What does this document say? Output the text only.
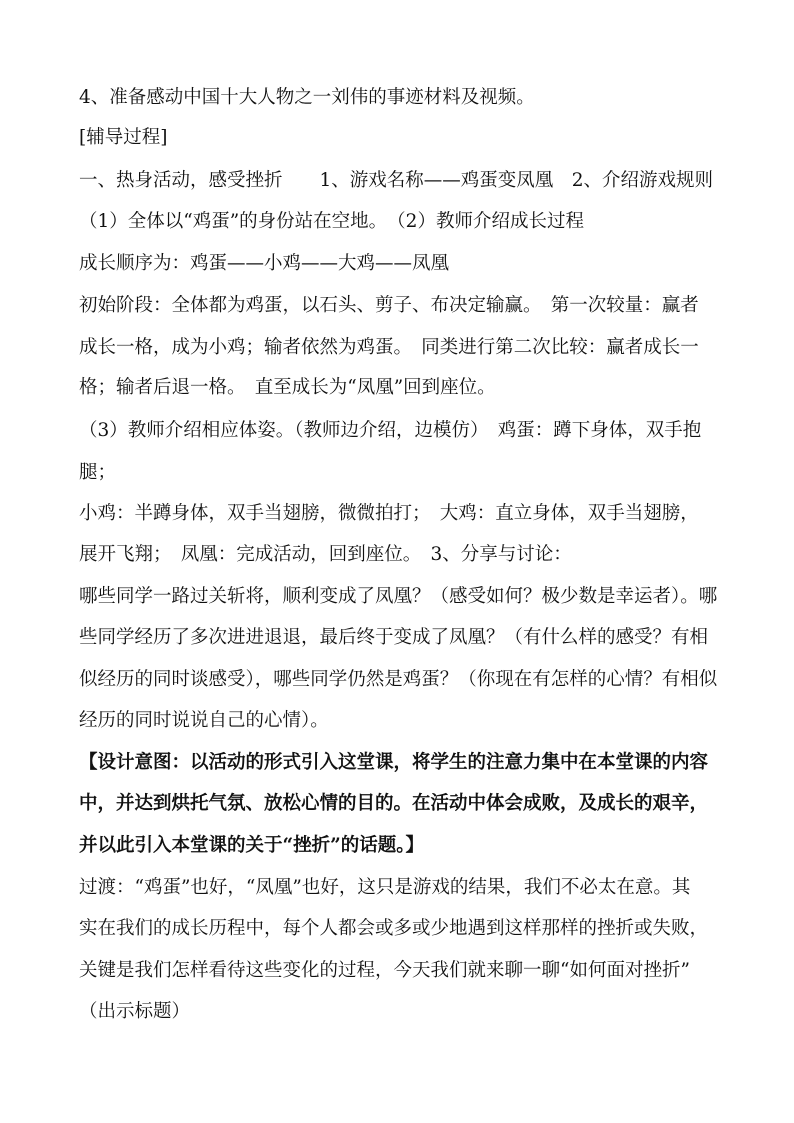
4、准备感动中国十大人物之一刘伟的事迹材料及视频。
[辅导过程]
一、热身活动，感受挫折　　1、游戏名称——鸡蛋变凤凰　2、介绍游戏规则
（1）全体以“鸡蛋”的身份站在空地。　（2）教师介绍成长过程
成长顺序为：鸡蛋——小鸡——大鸡——凤凰
初始阶段：全体都为鸡蛋，以石头、剪子、布决定输赢。　第一次较量：赢者
成长一格，成为小鸡；输者依然为鸡蛋。　同类进行第二次比较：赢者成长一
格；输者后退一格。　直至成长为“凤凰”回到座位。
（3）教师介绍相应体姿。（教师边介绍，边模仿）　鸡蛋：蹲下身体，双手抱
腿；
小鸡：半蹲身体，双手当翅膀，微微拍打；　大鸡：直立身体，双手当翅膀，
展开飞翔；　凤凰：完成活动，回到座位。　3、分享与讨论：
哪些同学一路过关斩将，顺利变成了凤凰？（感受如何？极少数是幸运者）。哪
些同学经历了多次进进退退，最后终于变成了凤凰？（有什么样的感受？有相
似经历的同时谈感受），哪些同学仍然是鸡蛋？（你现在有怎样的心情？有相似
经历的同时说说自己的心情）。
【设计意图：以活动的形式引入这堂课，将学生的注意力集中在本堂课的内容
中，并达到烘托气氛、放松心情的目的。在活动中体会成败，及成长的艰辛，
并以此引入本堂课的关于“挫折”的话题。】
过渡：“鸡蛋”也好，“凤凰”也好，这只是游戏的结果，我们不必太在意。其
实在我们的成长历程中，每个人都会或多或少地遇到这样那样的挫折或失败，
关键是我们怎样看待这些变化的过程，今天我们就来聊一聊“如何面对挫折”
（出示标题）
